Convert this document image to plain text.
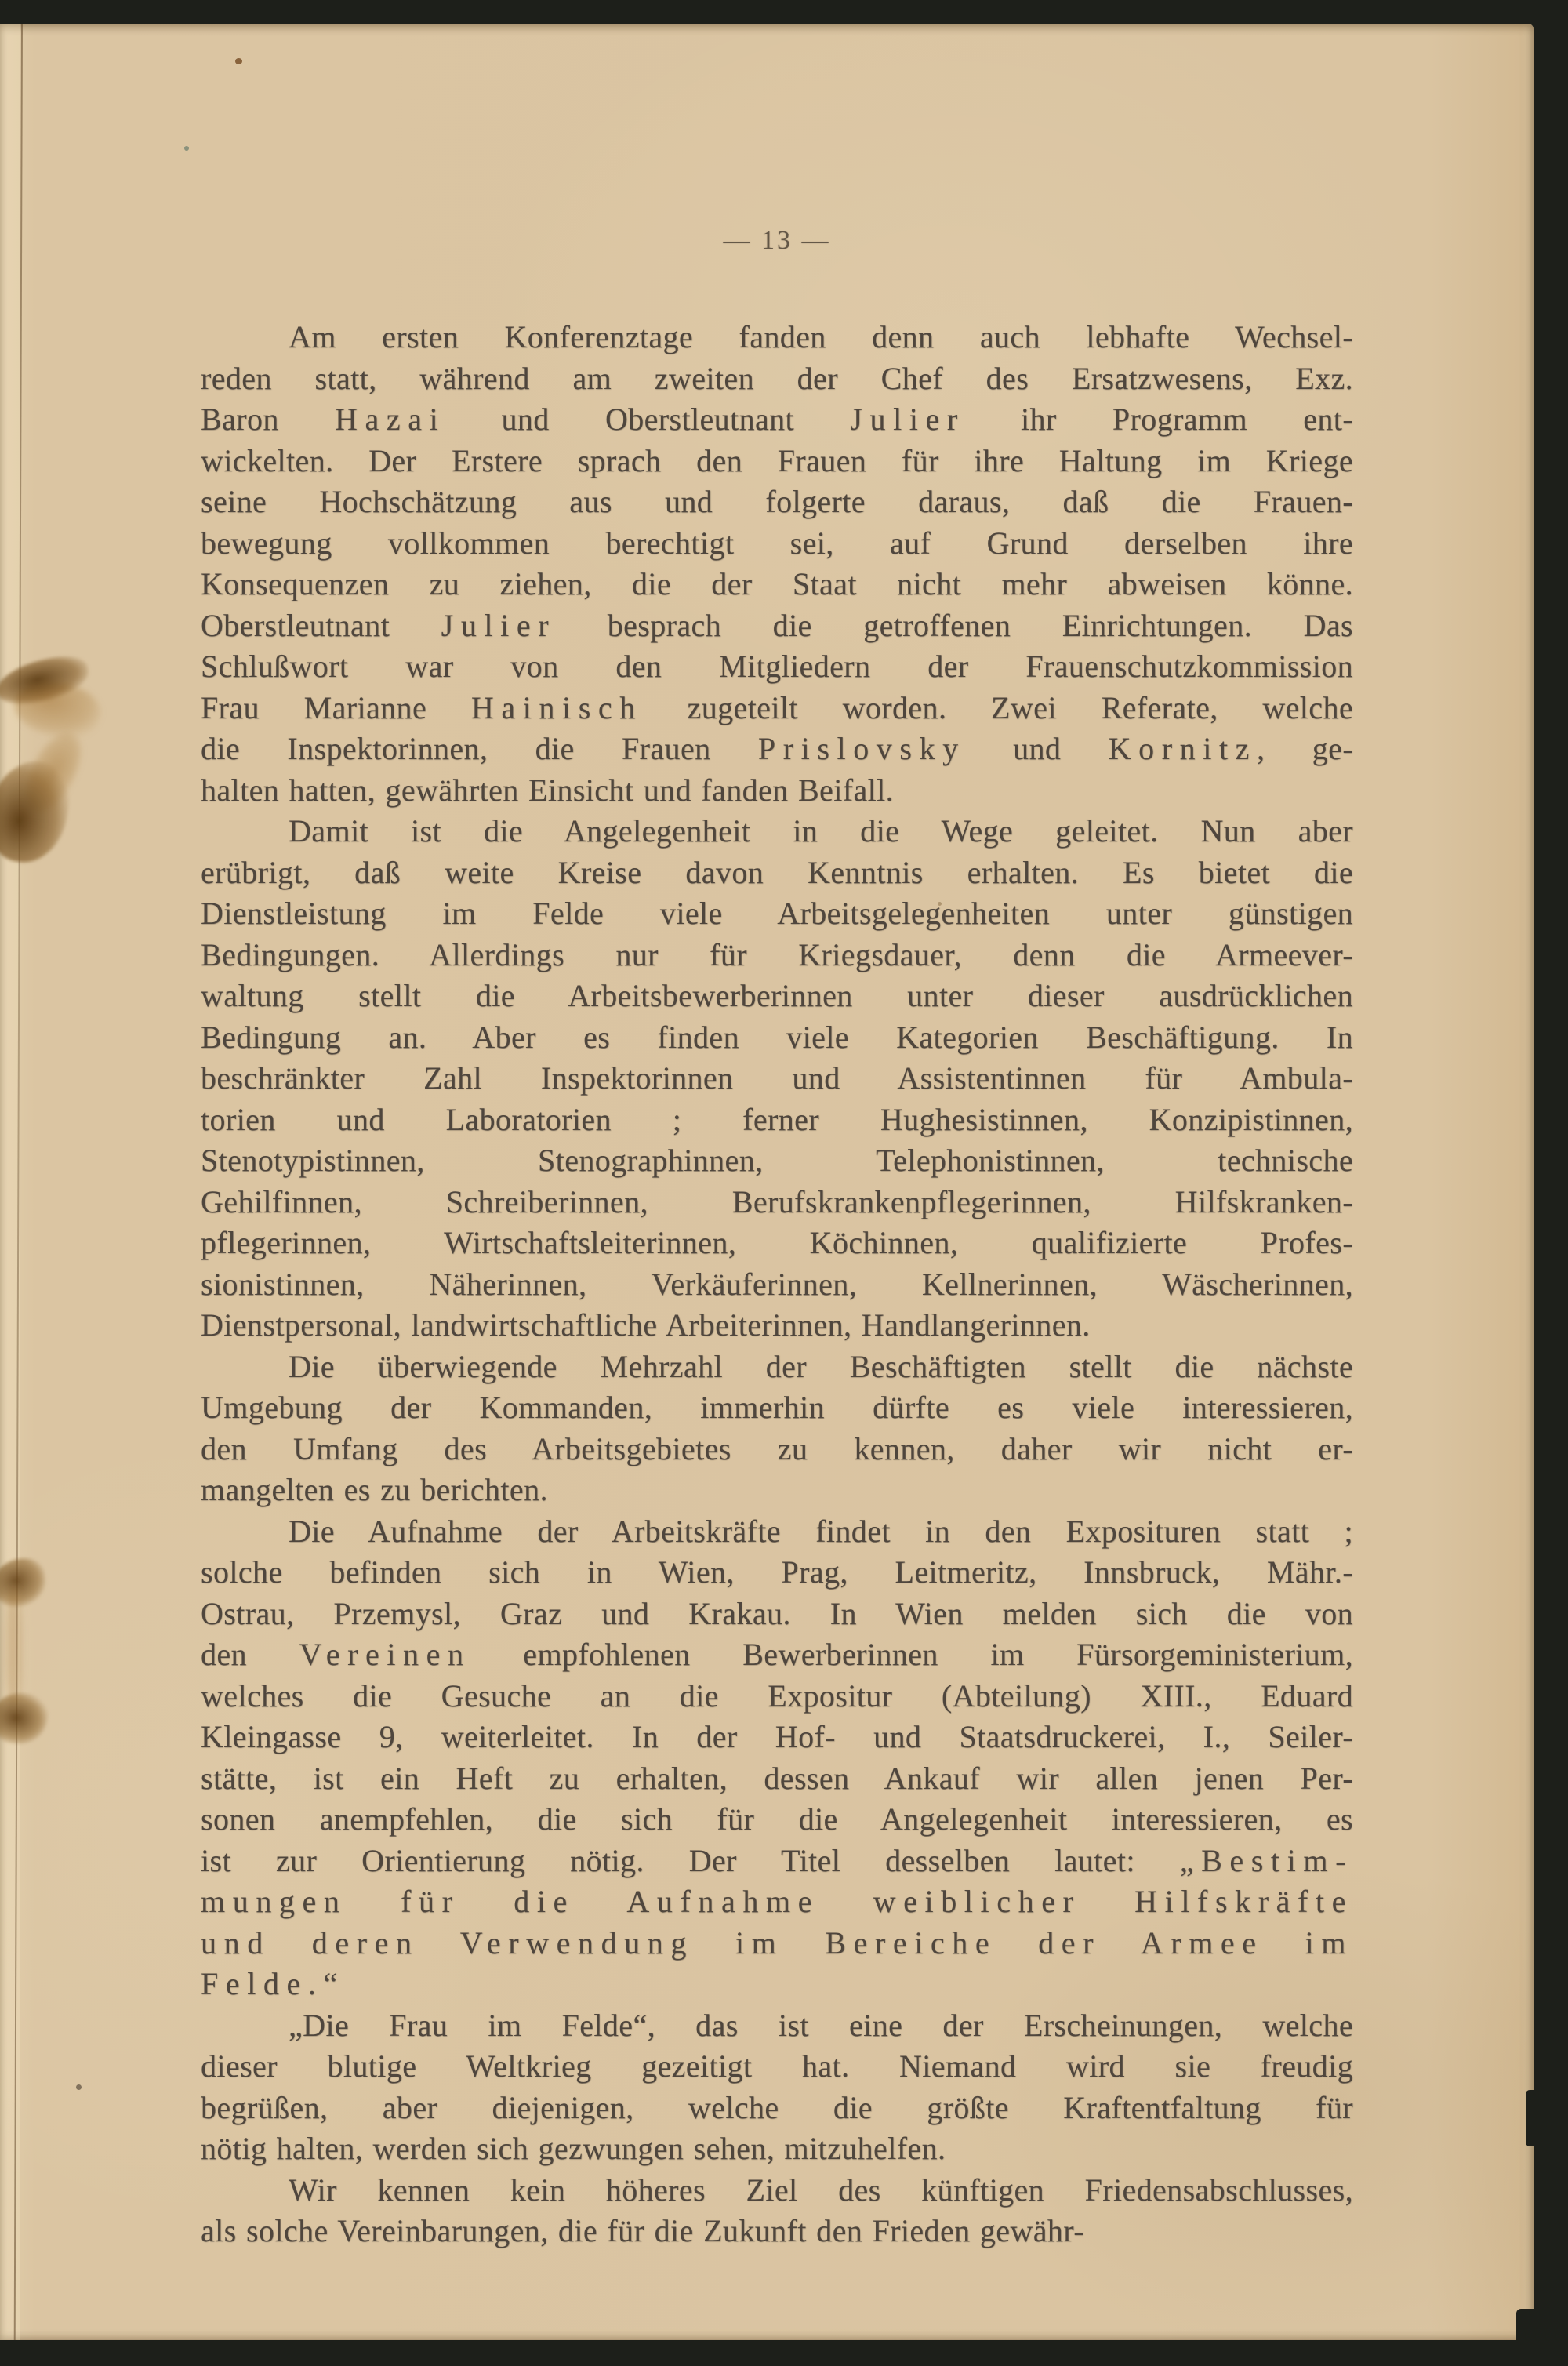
— 13 —
Am ersten Konferenztage fanden denn auch lebhafte Wechsel-
reden statt, während am zweiten der Chef des Ersatzwesens, Exz.
Baron Hazai und Oberstleutnant Julier ihr Programm ent-
wickelten. Der Erstere sprach den Frauen für ihre Haltung im Kriege
seine Hochschätzung aus und folgerte daraus, daß die Frauen-
bewegung vollkommen berechtigt sei, auf Grund derselben ihre
Konsequenzen zu ziehen, die der Staat nicht mehr abweisen könne.
Oberstleutnant Julier besprach die getroffenen Einrichtungen. Das
Schlußwort war von den Mitgliedern der Frauenschutzkommission
Frau Marianne Hainisch zugeteilt worden. Zwei Referate, welche
die Inspektorinnen, die Frauen Prislovsky und Kornitz, ge-
halten hatten, gewährten Einsicht und fanden Beifall.
Damit ist die Angelegenheit in die Wege geleitet. Nun aber
erübrigt, daß weite Kreise davon Kenntnis erhalten. Es bietet die
Dienstleistung im Felde viele Arbeitsgelegenheiten unter günstigen
Bedingungen. Allerdings nur für Kriegsdauer, denn die Armeever-
waltung stellt die Arbeitsbewerberinnen unter dieser ausdrücklichen
Bedingung an. Aber es finden viele Kategorien Beschäftigung. In
beschränkter Zahl Inspektorinnen und Assistentinnen für Ambula-
torien und Laboratorien ; ferner Hughesistinnen, Konzipistinnen,
Stenotypistinnen, Stenographinnen, Telephonistinnen, technische
Gehilfinnen, Schreiberinnen, Berufskrankenpflegerinnen, Hilfskranken-
pflegerinnen, Wirtschaftsleiterinnen, Köchinnen, qualifizierte Profes-
sionistinnen, Näherinnen, Verkäuferinnen, Kellnerinnen, Wäscherinnen,
Dienstpersonal, landwirtschaftliche Arbeiterinnen, Handlangerinnen.
Die überwiegende Mehrzahl der Beschäftigten stellt die nächste
Umgebung der Kommanden, immerhin dürfte es viele interessieren,
den Umfang des Arbeitsgebietes zu kennen, daher wir nicht er-
mangelten es zu berichten.
Die Aufnahme der Arbeitskräfte findet in den Exposituren statt ;
solche befinden sich in Wien, Prag, Leitmeritz, Innsbruck, Mähr.-
Ostrau, Przemysl, Graz und Krakau. In Wien melden sich die von
den Vereinen empfohlenen Bewerberinnen im Fürsorgeministerium,
welches die Gesuche an die Expositur (Abteilung) XIII., Eduard
Kleingasse 9, weiterleitet. In der Hof- und Staatsdruckerei, I., Seiler-
stätte, ist ein Heft zu erhalten, dessen Ankauf wir allen jenen Per-
sonen anempfehlen, die sich für die Angelegenheit interessieren, es
ist zur Orientierung nötig. Der Titel desselben lautet: „Bestim-
mungen für die Aufnahme weiblicher Hilfskräfte
und deren Verwendung im Bereiche der Armee im
Felde.“
„Die Frau im Felde“, das ist eine der Erscheinungen, welche
dieser blutige Weltkrieg gezeitigt hat. Niemand wird sie freudig
begrüßen, aber diejenigen, welche die größte Kraftentfaltung für
nötig halten, werden sich gezwungen sehen, mitzuhelfen.
Wir kennen kein höheres Ziel des künftigen Friedensabschlusses,
als solche Vereinbarungen, die für die Zukunft den Frieden gewähr-
